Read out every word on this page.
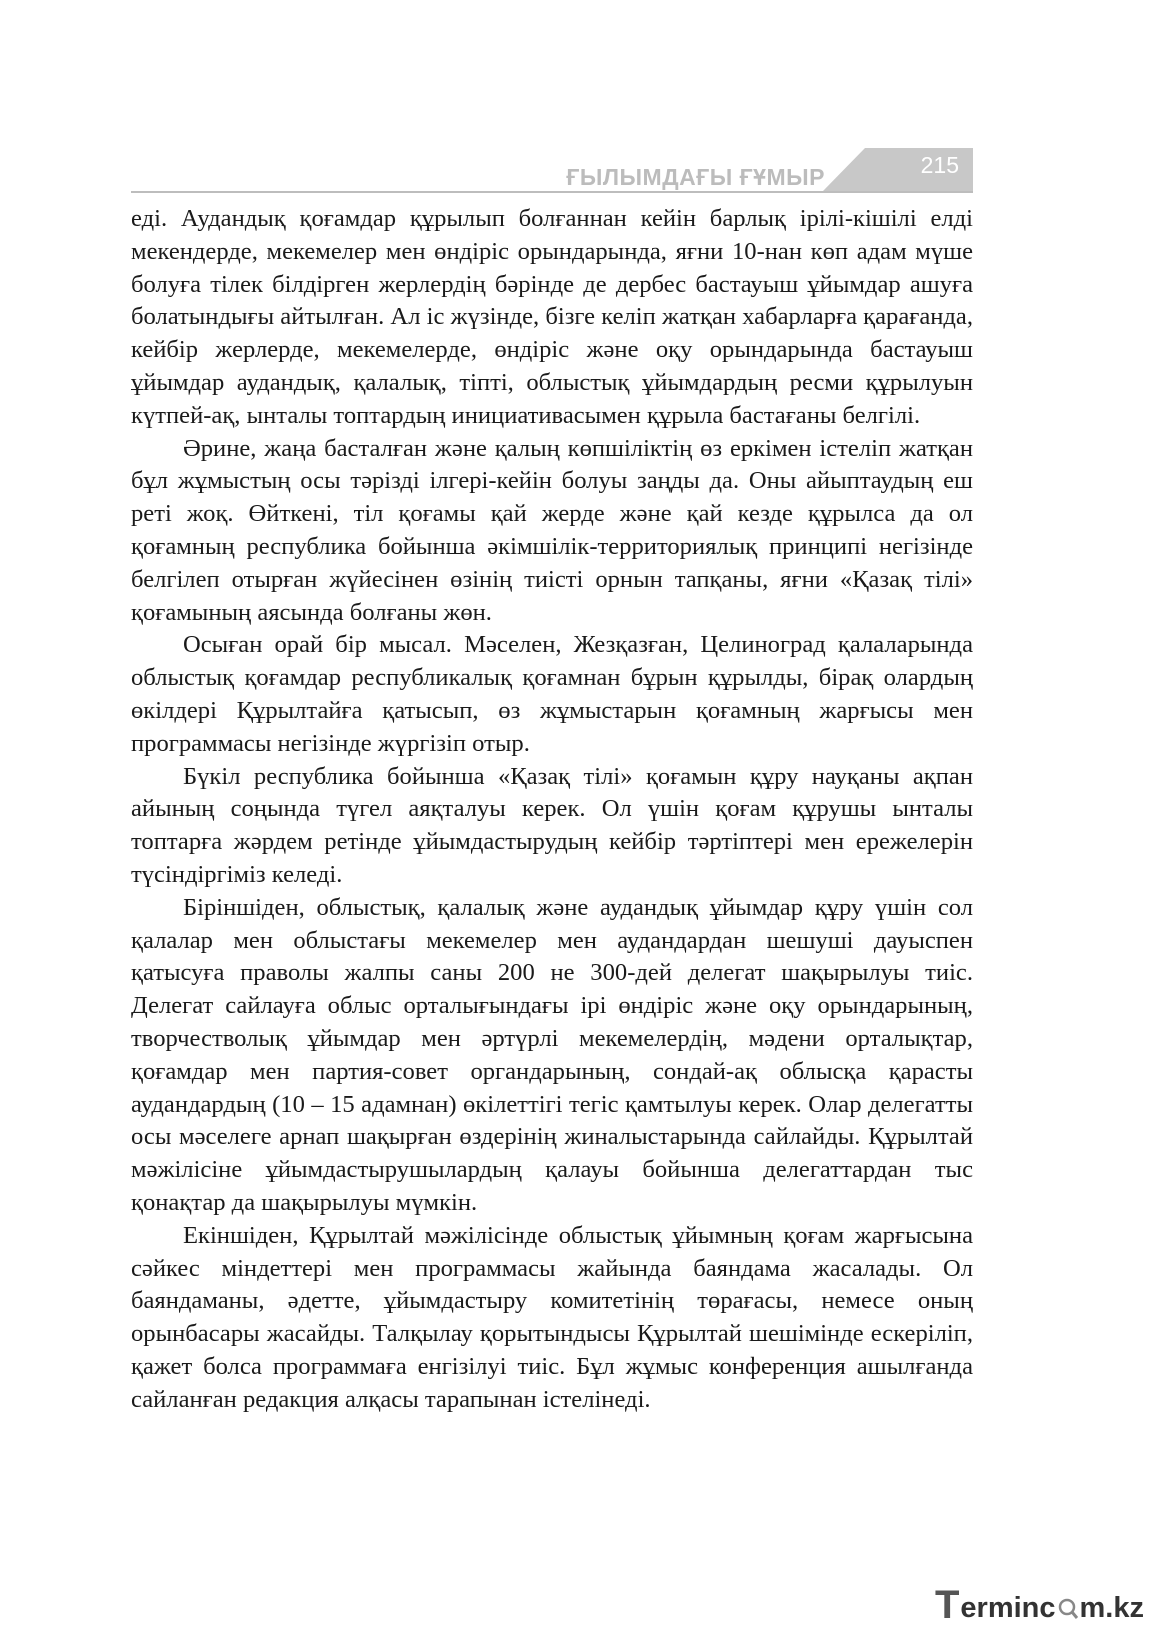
215
ҒЫЛЫМДАҒЫ ҒҰМЫР

еді. Аудандық қоғамдар құрылып болғаннан кейін барлық ірілі-кішілі елді мекендерде, мекемелер мен өндіріс орындарында, яғни 10-нан көп адам мүше болуға тілек білдірген жерлердің бәрінде де дербес бастауыш ұйымдар ашуға болатындығы айтылған. Ал іс жүзінде, бізге келіп жатқан хабарларға қарағанда, кейбір жерлерде, мекемелерде, өндіріс және оқу орындарында бастауыш ұйымдар аудандық, қалалық, тіпті, облыстық ұйымдардың ресми құрылуын күтпей-ақ, ынталы топтардың инициативасымен құрыла бастағаны белгілі.

Әрине, жаңа басталған және қалың көпшіліктің өз еркімен істеліп жатқан бұл жұмыстың осы тәрізді ілгері-кейін болуы заңды да. Оны айыптаудың еш реті жоқ. Өйткені, тіл қоғамы қай жерде және қай кезде құрылса да ол қоғамның республика бойынша әкімшілік-территориялық принципі негізінде белгілеп отырған жүйесінен өзінің тиісті орнын тапқаны, яғни «Қазақ тілі» қоғамының аясында болғаны жөн.

Осыған орай бір мысал. Мәселен, Жезқазған, Целиноград қалаларында облыстық қоғамдар республикалық қоғамнан бұрын құрылды, бірақ олардың өкілдері Құрылтайға қатысып, өз жұмыстарын қоғамның жарғысы мен программасы негізінде жүргізіп отыр.

Бүкіл республика бойынша «Қазақ тілі» қоғамын құру науқаны ақпан айының соңында түгел аяқталуы керек. Ол үшін қоғам құрушы ынталы топтарға жәрдем ретінде ұйымдастырудың кейбір тәртіптері мен ережелерін түсіндіргіміз келеді.

Біріншіден, облыстық, қалалық және аудандық ұйымдар құру үшін сол қалалар мен облыстағы мекемелер мен аудандардан шешуші дауыспен қатысуға праволы жалпы саны 200 не 300-дей делегат шақырылуы тиіс. Делегат сайлауға облыс орталығындағы ірі өндіріс және оқу орындарының, творчестволық ұйымдар мен әртүрлі мекемелердің, мәдени орталықтар, қоғамдар мен партия-совет органдарының, сондай-ақ облысқа қарасты аудандардың (10 – 15 адамнан) өкілеттігі тегіс қамтылуы керек. Олар делегатты осы мәселеге арнап шақырған өздерінің жиналыстарында сайлайды. Құрылтай мәжілісіне ұйымдастырушылардың қалауы бойынша делегаттардан тыс қонақтар да шақырылуы мүмкін.

Екіншіден, Құрылтай мәжілісінде облыстық ұйымның қоғам жарғысына сәйкес міндеттері мен программасы жайында баяндама жасалады. Ол баяндаманы, әдетте, ұйымдастыру комитетінің төрағасы, немесе оның орынбасары жасайды. Талқылау қорытындысы Құрылтай шешімінде ескеріліп, қажет болса программаға енгізілуі тиіс. Бұл жұмыс конференция ашылғанда сайланған редакция алқасы тарапынан істелінеді.

T erminc m.kz
